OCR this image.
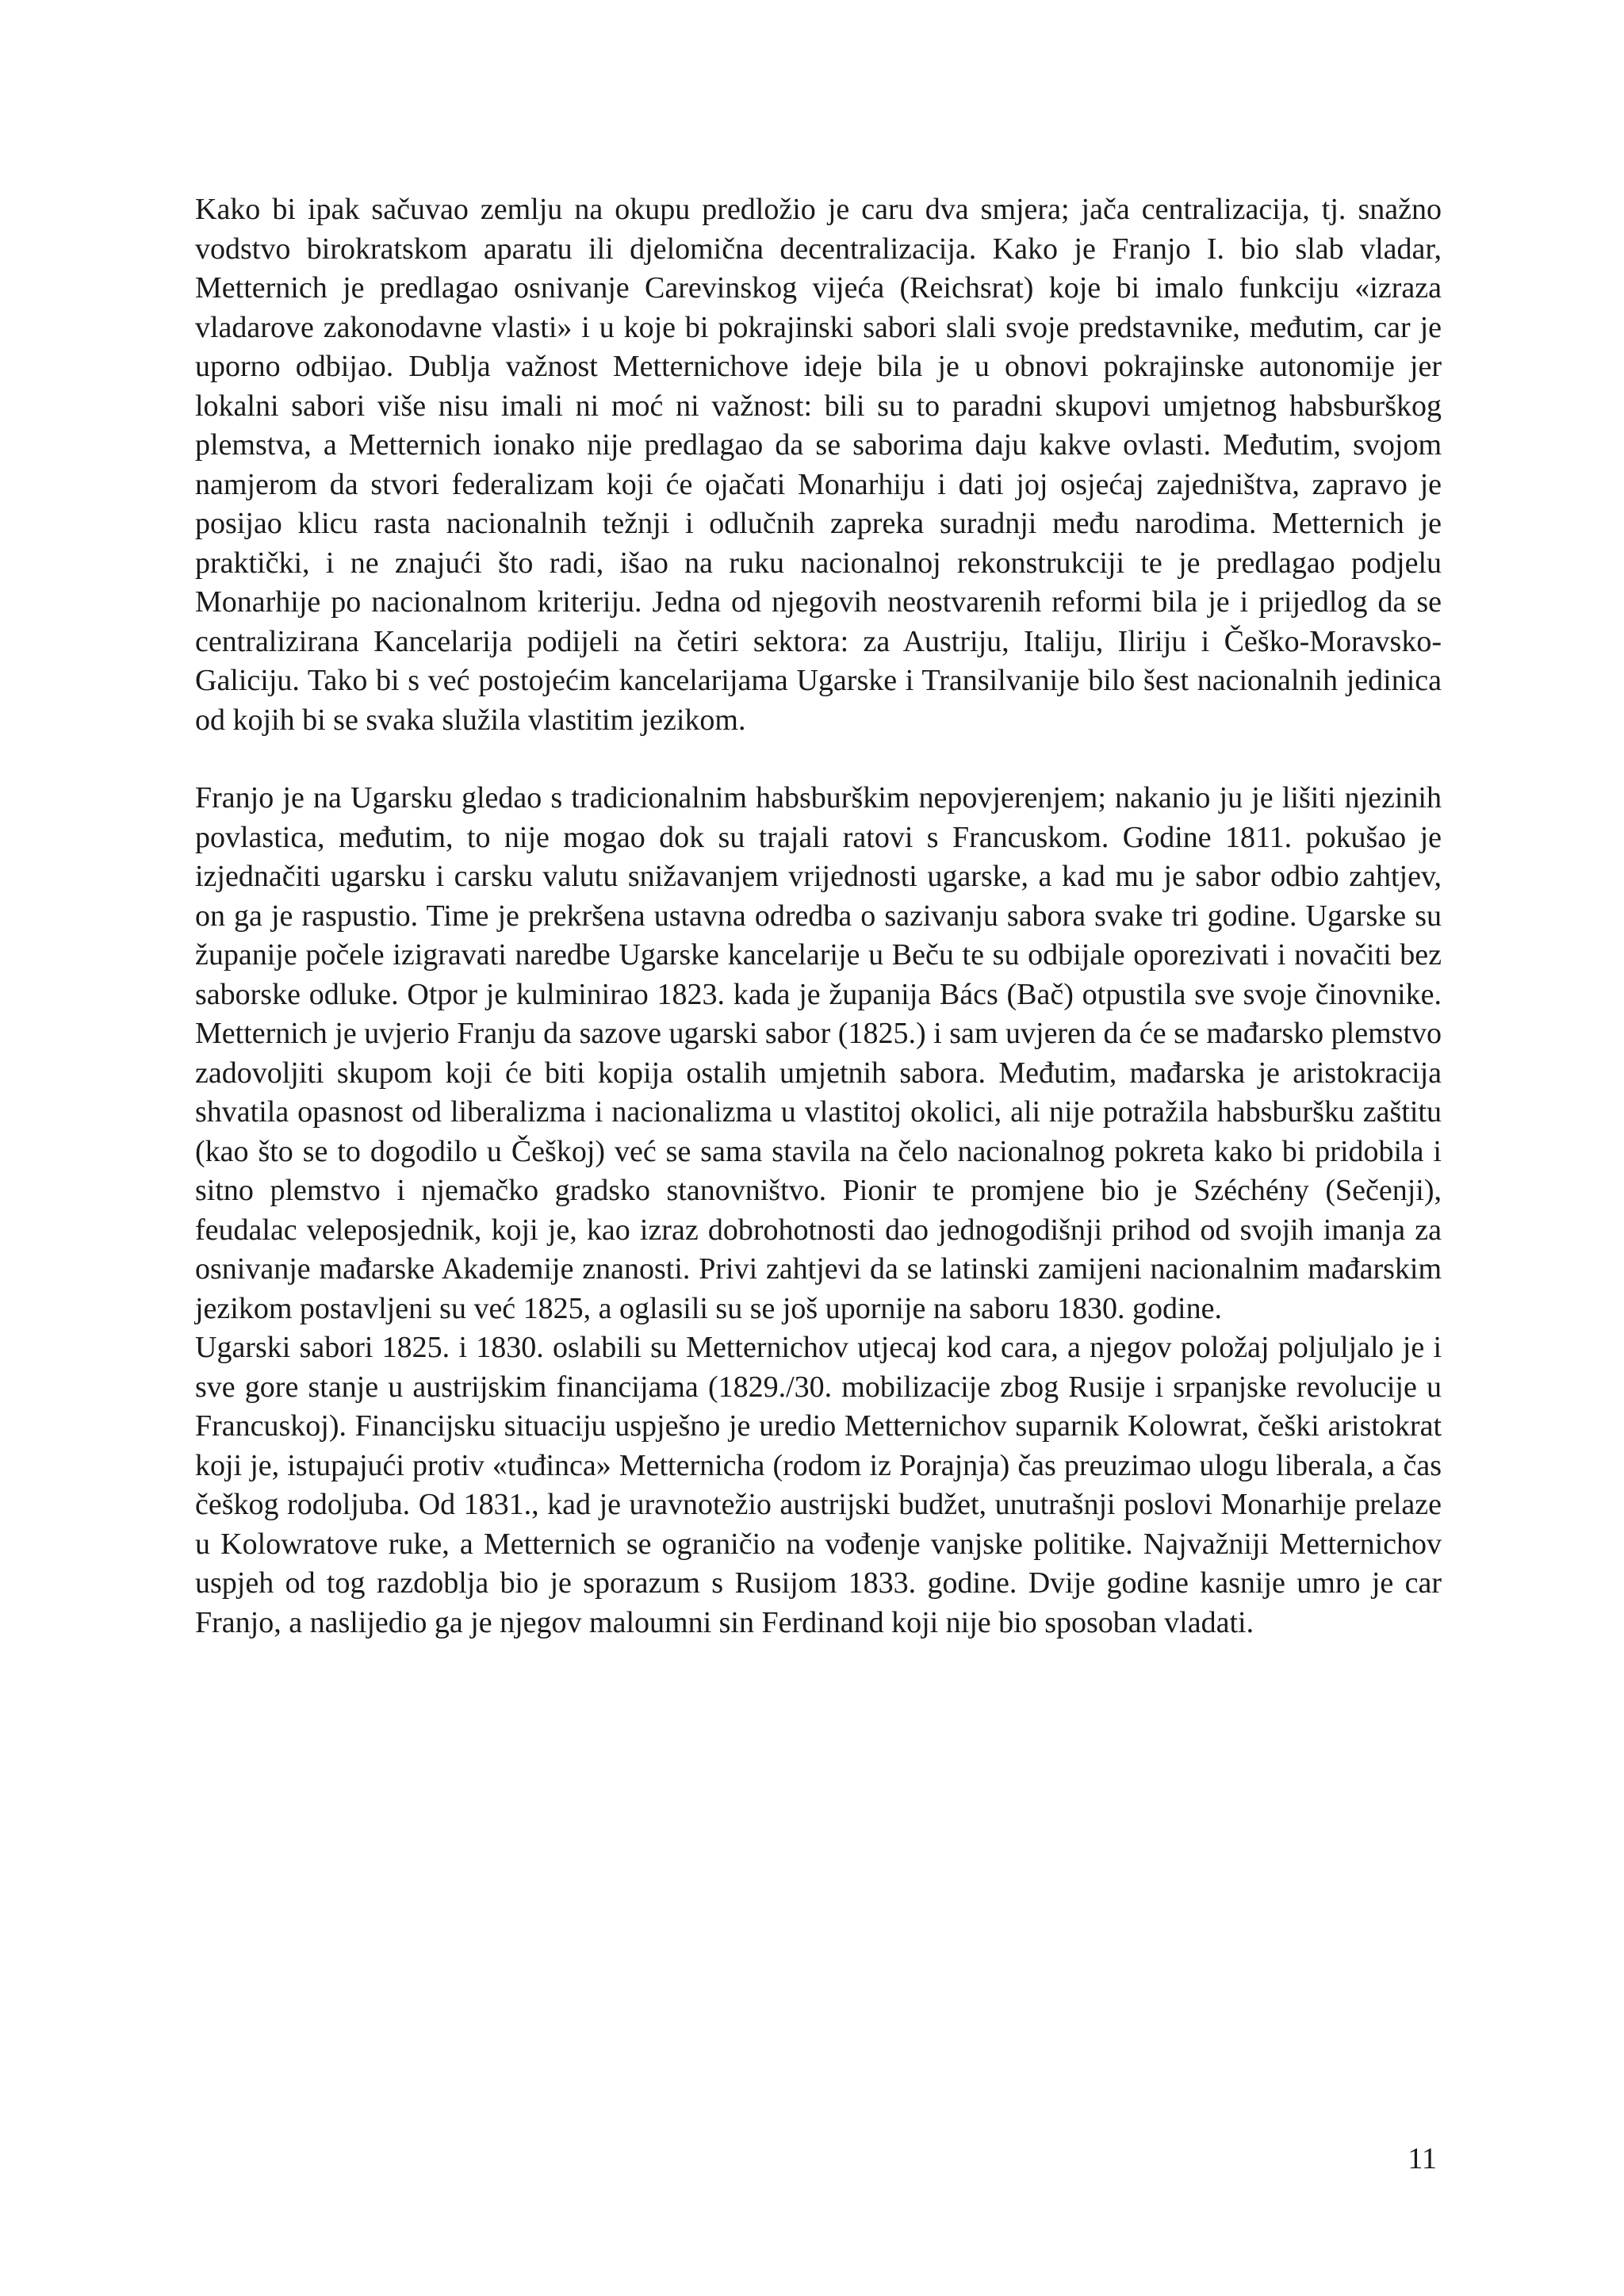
Kako bi ipak sačuvao zemlju na okupu predložio je caru dva smjera; jača centralizacija, tj. snažno vodstvo birokratskom aparatu ili djelomična decentralizacija. Kako je Franjo I. bio slab vladar, Metternich je predlagao osnivanje Carevinskog vijeća (Reichsrat) koje bi imalo funkciju «izraza vladarove zakonodavne vlasti» i u koje bi pokrajinski sabori slali svoje predstavnike, međutim, car je uporno odbijao. Dublja važnost Metternichove ideje bila je u obnovi pokrajinske autonomije jer lokalni sabori više nisu imali ni moć ni važnost: bili su to paradni skupovi umjetnog habsburškog plemstva, a Metternich ionako nije predlagao da se saborima daju kakve ovlasti. Međutim, svojom namjerom da stvori federalizam koji će ojačati Monarhiju i dati joj osjećaj zajedništva, zapravo je posijao klicu rasta nacionalnih težnji i odlučnih zapreka suradnji među narodima. Metternich je praktički, i ne znajući što radi, išao na ruku nacionalnoj rekonstrukciji te je predlagao podjelu Monarhije po nacionalnom kriteriju. Jedna od njegovih neostvarenih reformi bila je i prijedlog da se centralizirana Kancelarija podijeli na četiri sektora: za Austriju, Italiju, Iliriju i Češko-Moravsko-Galiciju. Tako bi s već postojećim kancelarijama Ugarske i Transilvanije bilo šest nacionalnih jedinica od kojih bi se svaka služila vlastitim jezikom.

Franjo je na Ugarsku gledao s tradicionalnim habsburškim nepovjerenjem; nakanio ju je lišiti njezinih povlastica, međutim, to nije mogao dok su trajali ratovi s Francuskom. Godine 1811. pokušao je izjednačiti ugarsku i carsku valutu snižavanjem vrijednosti ugarske, a kad mu je sabor odbio zahtjev, on ga je raspustio. Time je prekršena ustavna odredba o sazivanju sabora svake tri godine. Ugarske su županije počele izigravati naredbe Ugarske kancelarije u Beču te su odbijale oporezivati i novačiti bez saborske odluke. Otpor je kulminirao 1823. kada je županija Bács (Bač) otpustila sve svoje činovnike. Metternich je uvjerio Franju da sazove ugarski sabor (1825.) i sam uvjeren da će se mađarsko plemstvo zadovoljiti skupom koji će biti kopija ostalih umjetnih sabora. Međutim, mađarska je aristokracija shvatila opasnost od liberalizma i nacionalizma u vlastitoj okolici, ali nije potražila habsburšku zaštitu (kao što se to dogodilo u Češkoj) već se sama stavila na čelo nacionalnog pokreta kako bi pridobila i sitno plemstvo i njemačko gradsko stanovništvo. Pionir te promjene bio je Széchény (Sečenji), feudalac veleposjednik, koji je, kao izraz dobrohotnosti dao jednogodišnji prihod od svojih imanja za osnivanje mađarske Akademije znanosti. Privi zahtjevi da se latinski zamijeni nacionalnim mađarskim jezikom postavljeni su već 1825, a oglasili su se još upornije na saboru 1830. godine.

Ugarski sabori 1825. i 1830. oslabili su Metternichov utjecaj kod cara, a njegov položaj poljuljalo je i sve gore stanje u austrijskim financijama (1829./30. mobilizacije zbog Rusije i srpanjske revolucije u Francuskoj). Financijsku situaciju uspješno je uredio Metternichov suparnik Kolowrat, češki aristokrat koji je, istupajući protiv «tuđinca» Metternicha (rodom iz Porajnja) čas preuzimao ulogu liberala, a čas češkog rodoljuba. Od 1831., kad je uravnotežio austrijski budžet, unutrašnji poslovi Monarhije prelaze u Kolowratove ruke, a Metternich se ograničio na vođenje vanjske politike. Najvažniji Metternichov uspjeh od tog razdoblja bio je sporazum s Rusijom 1833. godine. Dvije godine kasnije umro je car Franjo, a naslijedio ga je njegov maloumni sin Ferdinand koji nije bio sposoban vladati.

11
